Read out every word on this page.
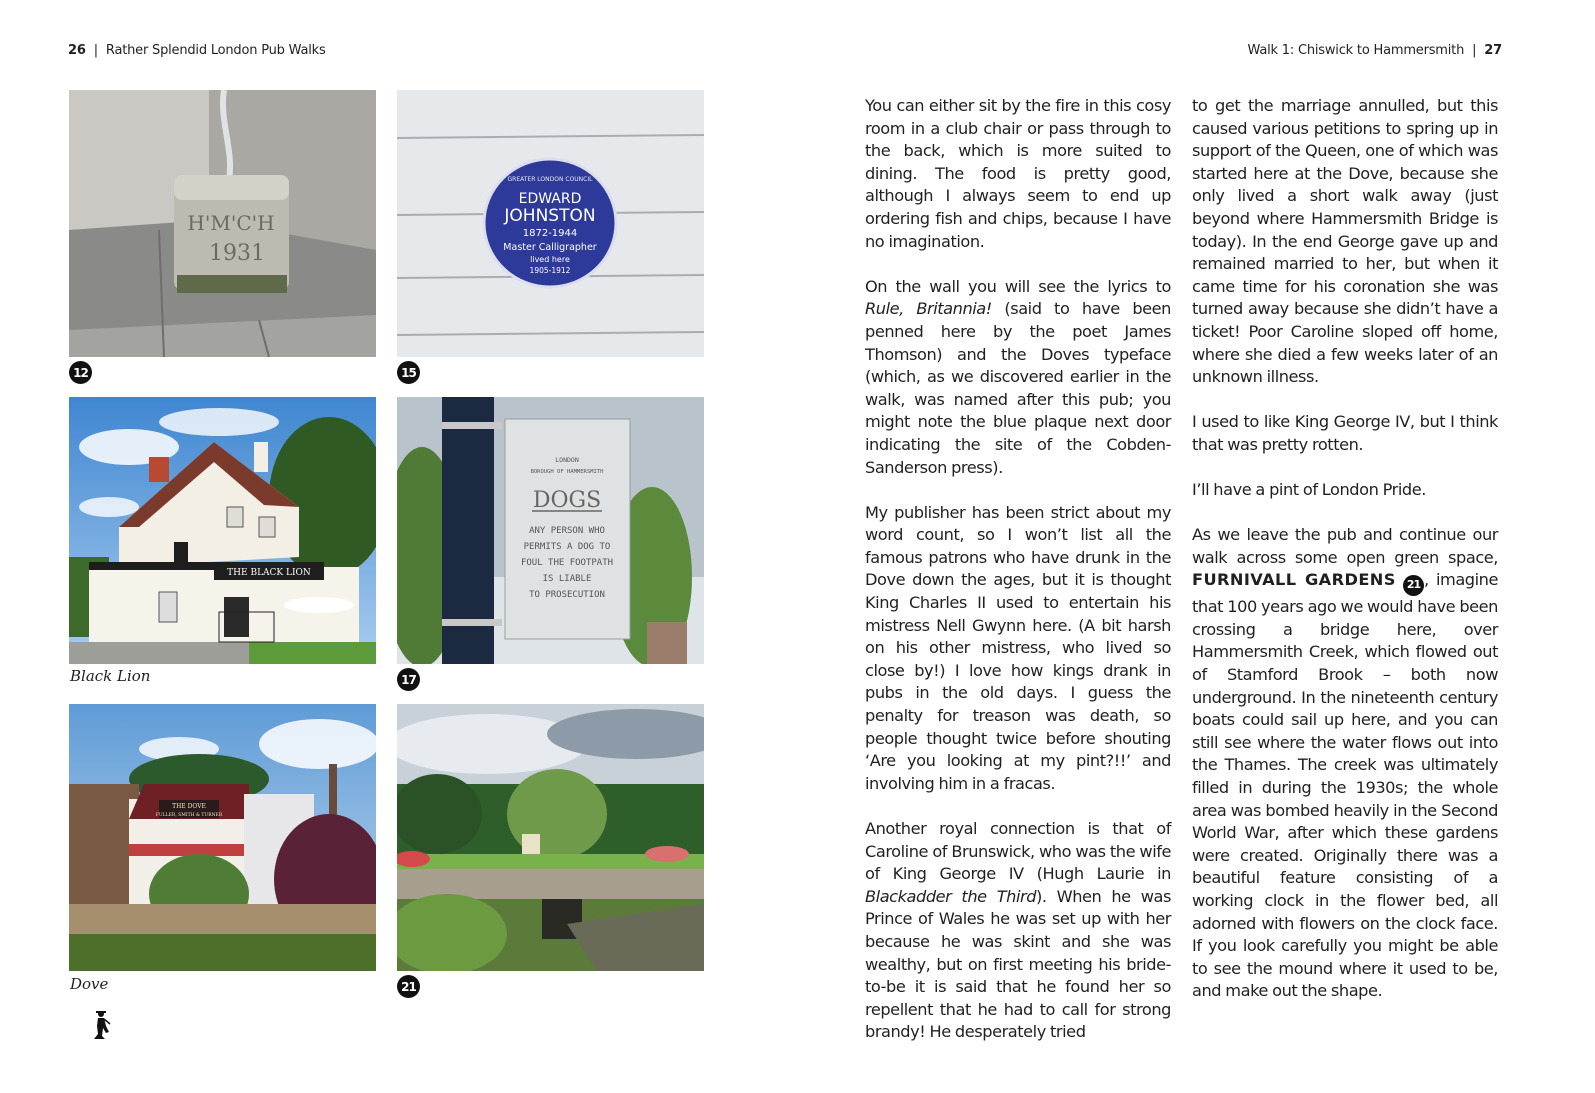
26 | Rather Splendid London Pub Walks	Walk 1: Chiswick to Hammersmith | 27
H'M'C'H
1931
12
GREATER LONDON COUNCIL
EDWARD
JOHNSTON
1872-1944
Master Calligrapher
lived here
1905-1912
15
THE BLACK LION
Black Lion
LONDON
BOROUGH OF HAMMERSMITH
DOGS
ANY PERSON WHO
PERMITS A DOG TO
FOUL THE FOOTPATH
IS LIABLE
TO PROSECUTION
17
THE DOVE
FULLER, SMITH & TURNER
Dove	21

You can either sit by the fire in this cosy room in a club chair or pass through to the back, which is more suited to dining. The food is pretty good, although I always seem to end up ordering fish and chips, because I have no imagination.

On the wall you will see the lyrics to Rule, Britannia! (said to have been penned here by the poet James Thomson) and the Doves typeface (which, as we discovered earlier in the walk, was named after this pub; you might note the blue plaque next door indicating the site of the Cobden-Sanderson press).

My publisher has been strict about my word count, so I won’t list all the famous patrons who have drunk in the Dove down the ages, but it is thought King Charles II used to entertain his mistress Nell Gwynn here. (A bit harsh on his other mistress, who lived so close by!) I love how kings drank in pubs in the old days. I guess the penalty for treason was death, so people thought twice before shouting ‘Are you looking at my pint?!!’ and involving him in a fracas.

Another royal connection is that of Caroline of Brunswick, who was the wife of King George IV (Hugh Laurie in Blackadder the Third). When he was Prince of Wales he was set up with her because he was skint and she was wealthy, but on first meeting his bride-to-be it is said that he found her so repellent that he had to call for strong brandy! He desperately tried

to get the marriage annulled, but this caused various petitions to spring up in support of the Queen, one of which was started here at the Dove, because she only lived a short walk away (just beyond where Hammersmith Bridge is today). In the end George gave up and remained married to her, but when it came time for his coronation she was turned away because she didn’t have a ticket! Poor Caroline sloped off home, where she died a few weeks later of an unknown illness.

I used to like King George IV, but I think that was pretty rotten.

I’ll have a pint of London Pride.

As we leave the pub and continue our walk across some open green space, FURNIVALL GARDENS 21 , imagine that 100 years ago we would have been crossing a bridge here, over Hammersmith Creek, which flowed out of Stamford Brook – both now underground. In the nineteenth century boats could sail up here, and you can still see where the water flows out into the Thames. The creek was ultimately filled in during the 1930s; the whole area was bombed heavily in the Second World War, after which these gardens were created. Originally there was a beautiful feature consisting of a working clock in the flower bed, all adorned with flowers on the clock face. If you look carefully you might be able to see the mound where it used to be, and make out the shape.
